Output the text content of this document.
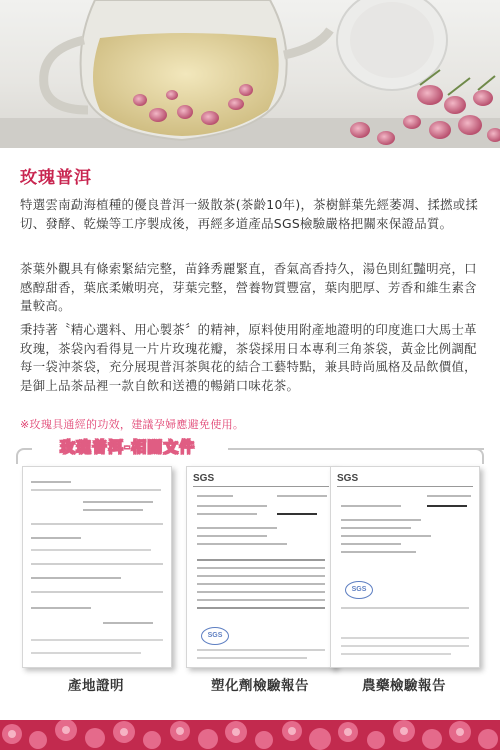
玫瑰普洱

特選雲南勐海植種的優良普洱一級散茶(茶齡10年)，茶樹鮮葉先經萎凋、揉撚或揉切、發酵、乾燥等工序製成後，再經多道產品SGS檢驗嚴格把關來保證品質。

茶葉外觀具有條索緊結完整，苗鋒秀麗緊直，香氣高香持久，湯色則紅豔明亮，口感醇甜香，葉底柔嫩明亮，芽葉完整，營養物質豐富，葉肉肥厚、芳香和維生素含量較高。

秉持著〝精心選料、用心製茶〞的精神，原料使用附產地證明的印度進口大馬士革玫瑰，茶袋內看得見一片片玫瑰花瓣，茶袋採用日本專利三角茶袋，黃金比例調配每一袋沖茶袋，充分展現普洱茶與花的結合工藝特點，兼具時尚風格及品飲價值，是御上品茶品裡一款自飲和送禮的暢銷口味花茶。

※玫瑰具通經的功效，建議孕婦應避免使用。
玫瑰普洱-相關文件
SGS
SGS
SGS
SGS
產地證明	塑化劑檢驗報告	農藥檢驗報告
